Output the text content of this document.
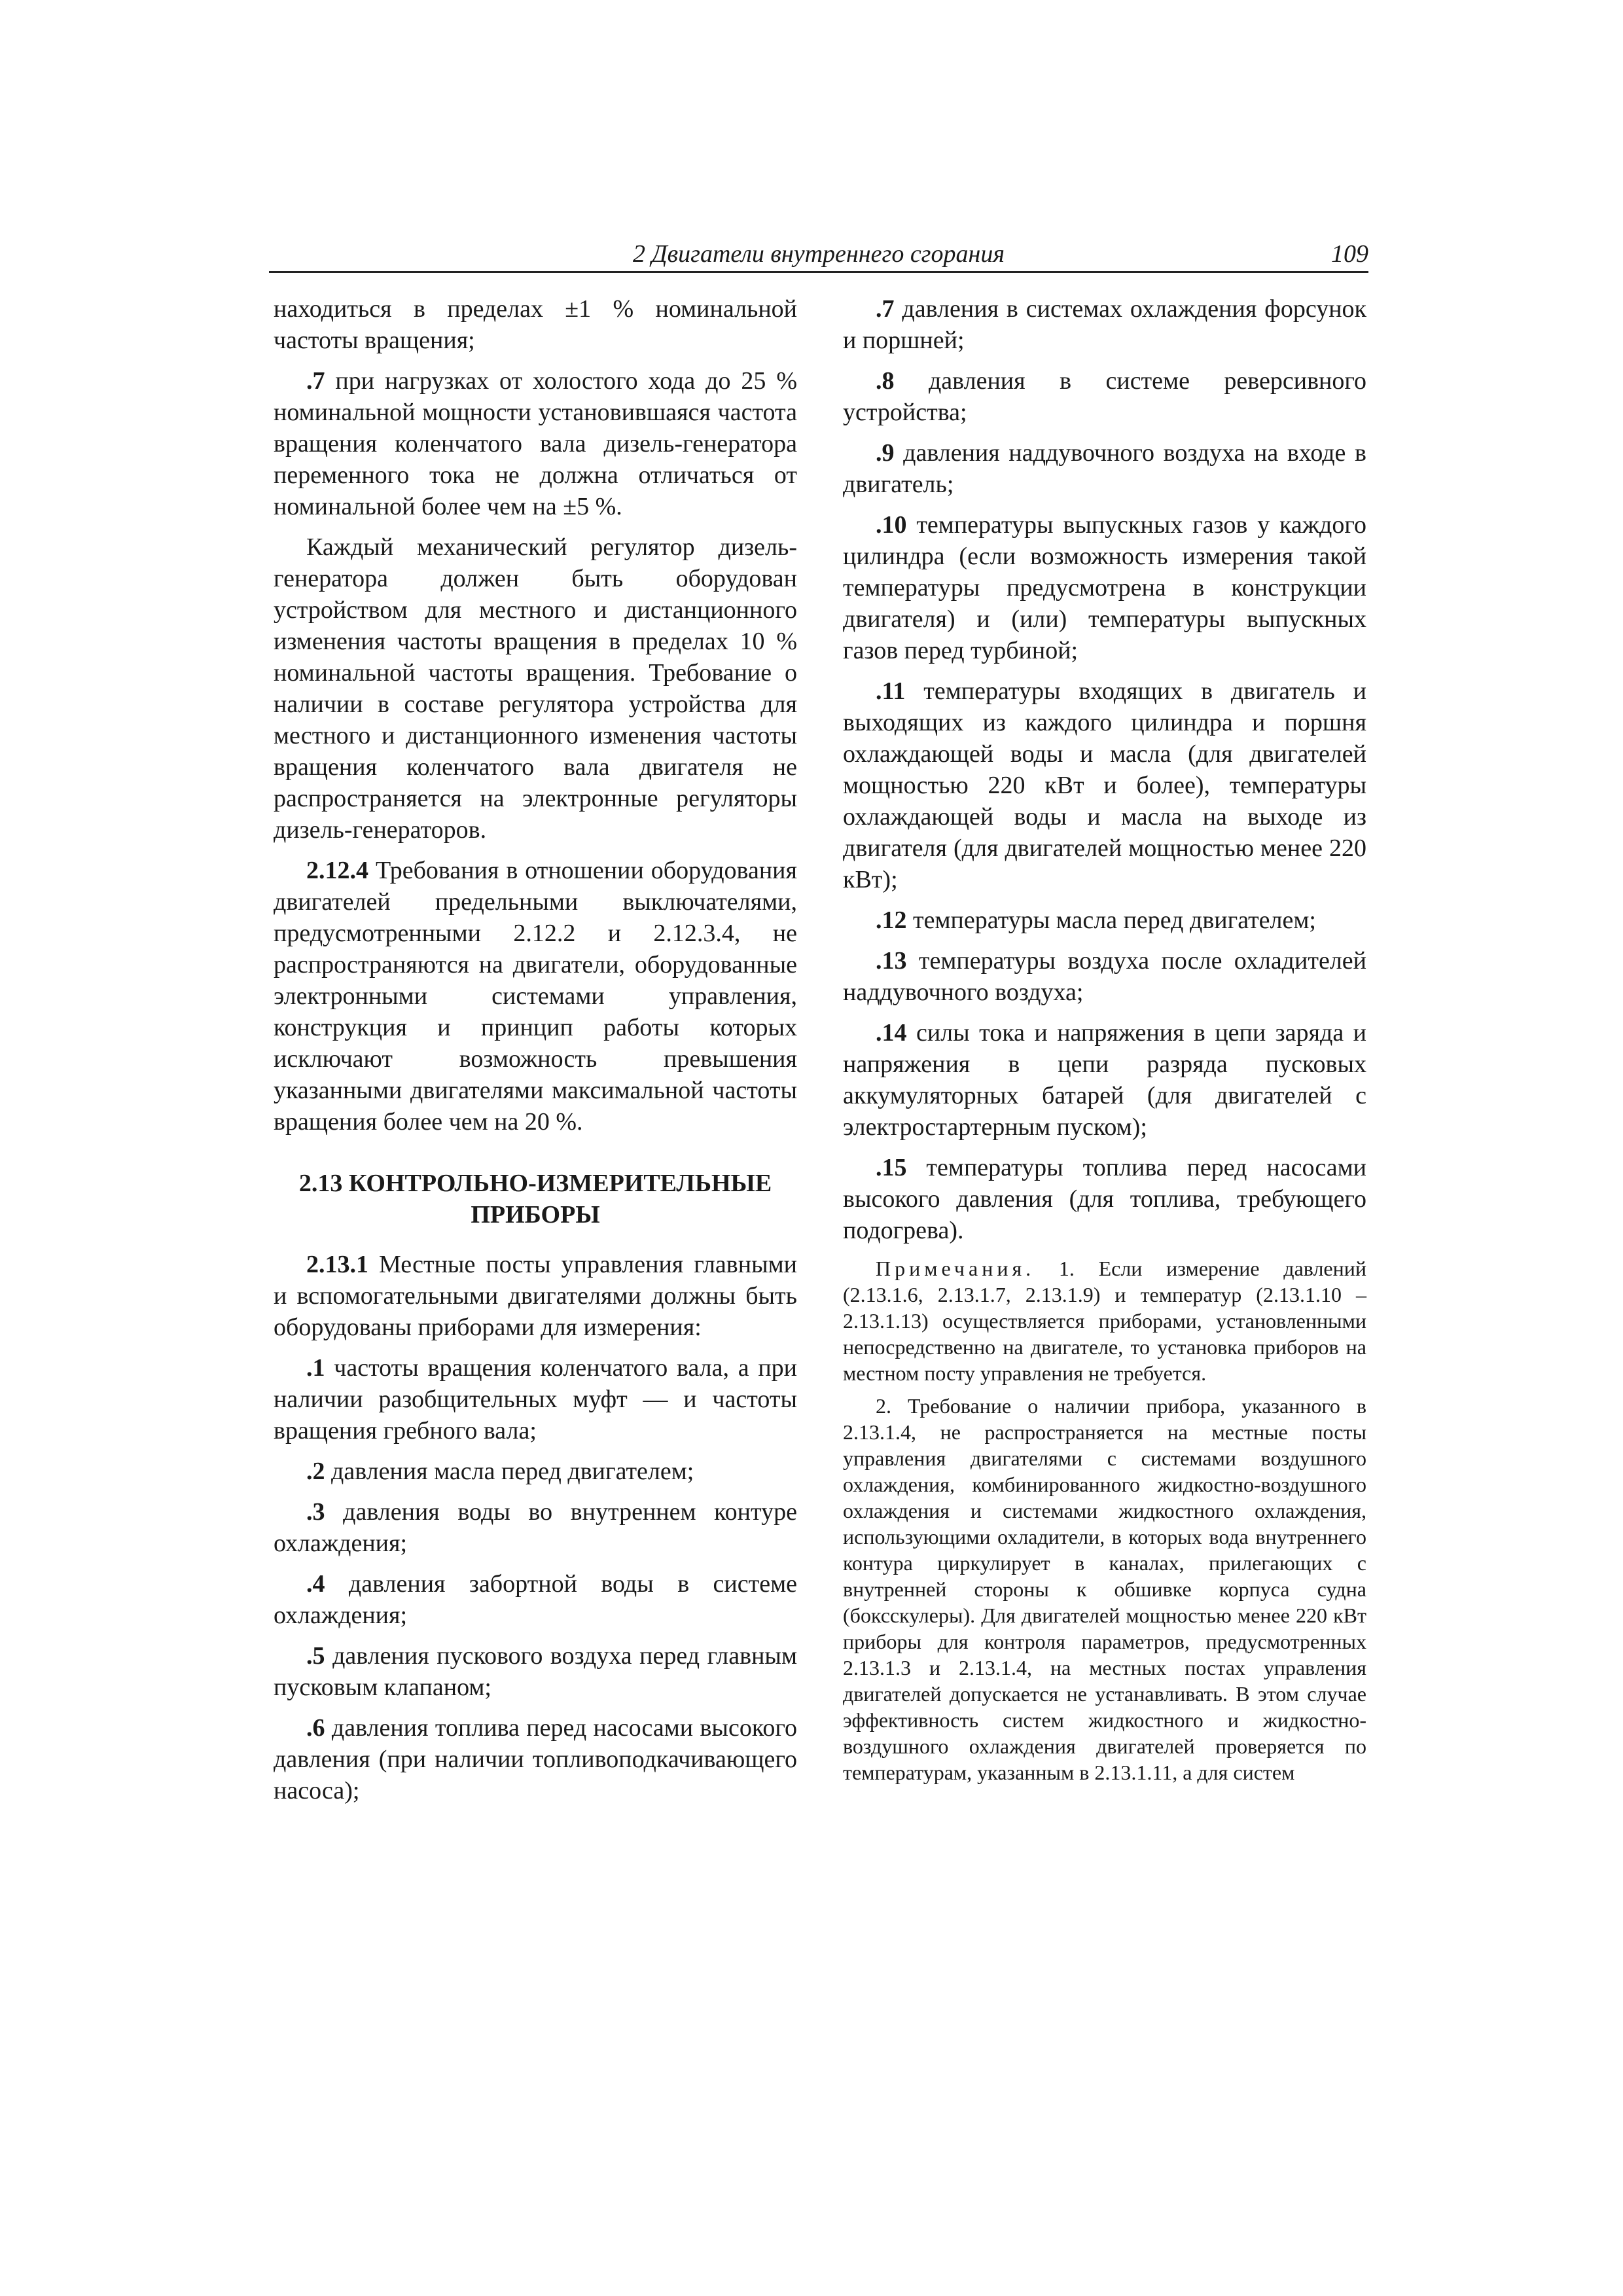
2 Двигатели внутреннего сгорания	109

находиться в пределах ±1 % номинальной частоты вращения;

.7 при нагрузках от холостого хода до 25 % номинальной мощности установившаяся частота вращения коленчатого вала дизель-генератора переменного тока не должна отличаться от номинальной более чем на ±5 %.

Каждый механический регулятор дизель-генератора должен быть оборудован устройством для местного и дистанционного изменения частоты вращения в пределах 10 % номинальной частоты вращения. Требование о наличии в составе регулятора устройства для местного и дистанционного изменения частоты вращения коленчатого вала двигателя не распространяется на электронные регуляторы дизель-генераторов.

2.12.4 Требования в отношении оборудования двигателей предельными выключателями, предусмотренными 2.12.2 и 2.12.3.4, не распространяются на двигатели, оборудованные электронными системами управления, конструкция и принцип работы которых исключают возможность превышения указанными двигателями максимальной частоты вращения более чем на 20 %.

2.13 КОНТРОЛЬНО-ИЗМЕРИТЕЛЬНЫЕ ПРИБОРЫ

2.13.1 Местные посты управления главными и вспомогательными двигателями должны быть оборудованы приборами для измерения:

.1 частоты вращения коленчатого вала, а при наличии разобщительных муфт — и частоты вращения гребного вала;

.2 давления масла перед двигателем;

.3 давления воды во внутреннем контуре охлаждения;

.4 давления забортной воды в системе охлаждения;

.5 давления пускового воздуха перед главным пусковым клапаном;

.6 давления топлива перед насосами высокого давления (при наличии топливоподкачивающего насоса);

.7 давления в системах охлаждения форсунок и поршней;

.8 давления в системе реверсивного устройства;

.9 давления наддувочного воздуха на входе в двигатель;

.10 температуры выпускных газов у каждого цилиндра (если возможность измерения такой температуры предусмотрена в конструкции двигателя) и (или) температуры выпускных газов перед турбиной;

.11 температуры входящих в двигатель и выходящих из каждого цилиндра и поршня охлаждающей воды и масла (для двигателей мощностью 220 кВт и более), температуры охлаждающей воды и масла на выходе из двигателя (для двигателей мощностью менее 220 кВт);

.12 температуры масла перед двигателем;

.13 температуры воздуха после охладителей наддувочного воздуха;

.14 силы тока и напряжения в цепи заряда и напряжения в цепи разряда пусковых аккумуляторных батарей (для двигателей с электростартерным пуском);

.15 температуры топлива перед насосами высокого давления (для топлива, требующего подогрева).

Примечания. 1. Если измерение давлений (2.13.1.6, 2.13.1.7, 2.13.1.9) и температур (2.13.1.10 – 2.13.1.13) осуществляется приборами, установленными непосредственно на двигателе, то установка приборов на местном посту управления не требуется.

2. Требование о наличии прибора, указанного в 2.13.1.4, не распространяется на местные посты управления двигателями с системами воздушного охлаждения, комбинированного жидкостно-воздушного охлаждения и системами жидкостного охлаждения, использующими охладители, в которых вода внутреннего контура циркулирует в каналах, прилегающих с внутренней стороны к обшивке корпуса судна (боксскулеры). Для двигателей мощностью менее 220 кВт приборы для контроля параметров, предусмотренных 2.13.1.3 и 2.13.1.4, на местных постах управления двигателей допускается не устанавливать. В этом случае эффективность систем жидкостного и жидкостно-воздушного охлаждения двигателей проверяется по температурам, указанным в 2.13.1.11, а для систем
